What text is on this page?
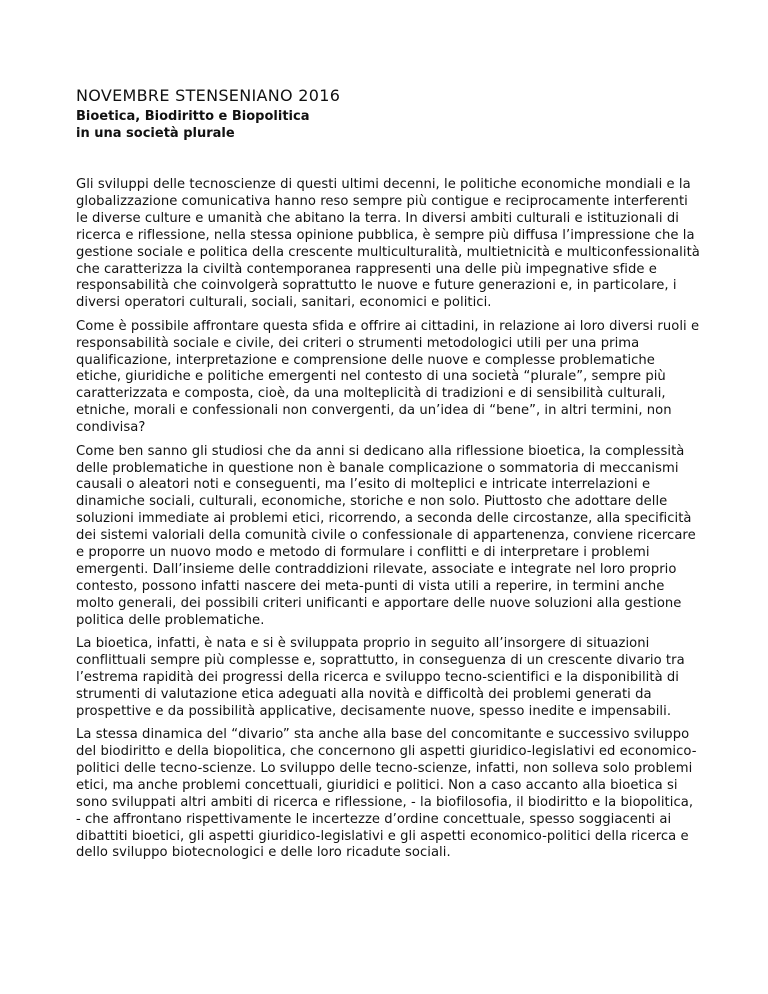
NOVEMBRE STENSENIANO 2016
Bioetica, Biodiritto e Biopolitica
in una società plurale

Gli sviluppi delle tecnoscienze di questi ultimi decenni, le politiche economiche mondiali e la globalizzazione comunicativa hanno reso sempre più contigue e reciprocamente interferenti le diverse culture e umanità che abitano la terra. In diversi ambiti culturali e istituzionali di ricerca e riflessione, nella stessa opinione pubblica, è sempre più diffusa l’impressione che la gestione sociale e politica della crescente multiculturalità, multietnicità e multiconfessionalità che caratterizza la civiltà contemporanea rappresenti una delle più impegnative sfide e responsabilità che coinvolgerà soprattutto le nuove e future generazioni e, in particolare, i diversi operatori culturali, sociali, sanitari, economici e politici.

Come è possibile affrontare questa sfida e offrire ai cittadini, in relazione ai loro diversi ruoli e responsabilità sociale e civile, dei criteri o strumenti metodologici utili per una prima qualificazione, interpretazione e comprensione delle nuove e complesse problematiche etiche, giuridiche e politiche emergenti nel contesto di una società “plurale”, sempre più caratterizzata e composta, cioè, da una molteplicità di tradizioni e di sensibilità culturali, etniche, morali e confessionali non convergenti, da un’idea di “bene”, in altri termini, non condivisa?

Come ben sanno gli studiosi che da anni si dedicano alla riflessione bioetica, la complessità delle problematiche in questione non è banale complicazione o sommatoria di meccanismi causali o aleatori noti e conseguenti, ma l’esito di molteplici e intricate interrelazioni e dinamiche sociali, culturali, economiche, storiche e non solo. Piuttosto che adottare delle soluzioni immediate ai problemi etici, ricorrendo, a seconda delle circostanze, alla specificità dei sistemi valoriali della comunità civile o confessionale di appartenenza, conviene ricercare e proporre un nuovo modo e metodo di formulare i conflitti e di interpretare i problemi emergenti. Dall’insieme delle contraddizioni rilevate, associate e integrate nel loro proprio contesto, possono infatti nascere dei meta-punti di vista utili a reperire, in termini anche molto generali, dei possibili criteri unificanti e apportare delle nuove soluzioni alla gestione politica delle problematiche.

La bioetica, infatti, è nata e si è sviluppata proprio in seguito all’insorgere di situazioni conflittuali sempre più complesse e, soprattutto, in conseguenza di un crescente divario tra l’estrema rapidità dei progressi della ricerca e sviluppo tecno-scientifici e la disponibilità di strumenti di valutazione etica adeguati alla novità e difficoltà dei problemi generati da prospettive e da possibilità applicative, decisamente nuove, spesso inedite e impensabili.

La stessa dinamica del “divario” sta anche alla base del concomitante e successivo sviluppo del biodiritto e della biopolitica, che concernono gli aspetti giuridico-legislativi ed economico-politici delle tecno-scienze. Lo sviluppo delle tecno-scienze, infatti, non solleva solo problemi etici, ma anche problemi concettuali, giuridici e politici. Non a caso accanto alla bioetica si sono sviluppati altri ambiti di ricerca e riflessione, - la biofilosofia, il biodiritto e la biopolitica, - che affrontano rispettivamente le incertezze d’ordine concettuale, spesso soggiacenti ai dibattiti bioetici, gli aspetti giuridico-legislativi e gli aspetti economico-politici della ricerca e dello sviluppo biotecnologici e delle loro ricadute sociali.
